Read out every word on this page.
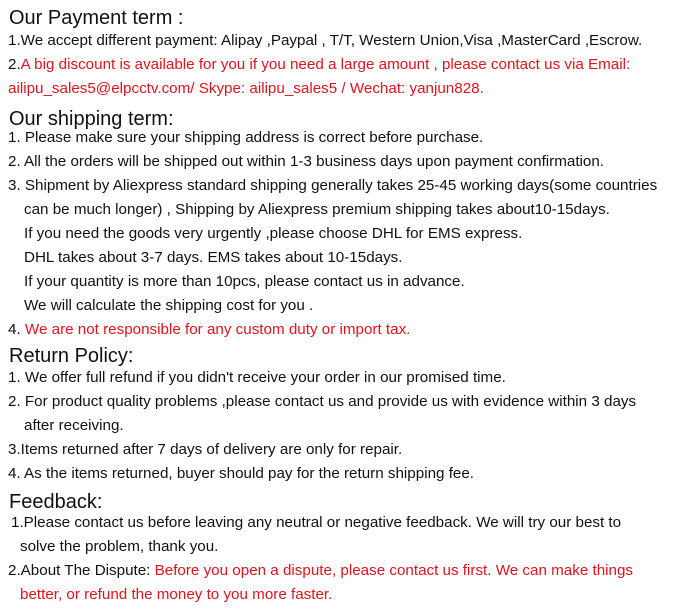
Our Payment term :
1.We accept different payment: Alipay ,Paypal , T/T, Western Union,Visa ,MasterCard ,Escrow.
2.A big discount is available for you if you need a large amount , please contact us via Email:
ailipu_sales5@elpcctv.com/ Skype: ailipu_sales5 / Wechat: yanjun828.
Our shipping term:
1. Please make sure your shipping address is correct before purchase.
2. All the orders will be shipped out within 1-3 business days upon payment confirmation.
3. Shipment by Aliexpress standard shipping generally takes 25-45 working days(some countries
can be much longer) , Shipping by Aliexpress premium shipping takes about10-15days.
If you need the goods very urgently ,please choose DHL for EMS express.
DHL takes about 3-7 days. EMS takes about 10-15days.
If your quantity is more than 10pcs, please contact us in advance.
We will calculate the shipping cost for you .
4. We are not responsible for any custom duty or import tax.
Return Policy:
1. We offer full refund if you didn't receive your order in our promised time.
2. For product quality problems ,please contact us and provide us with evidence within 3 days
after receiving.
3.Items returned after 7 days of delivery are only for repair.
4. As the items returned, buyer should pay for the return shipping fee.
Feedback:
1.Please contact us before leaving any neutral or negative feedback. We will try our best to
solve the problem, thank you.
2.About The Dispute: Before you open a dispute, please contact us first. We can make things
better, or refund the money to you more faster.
